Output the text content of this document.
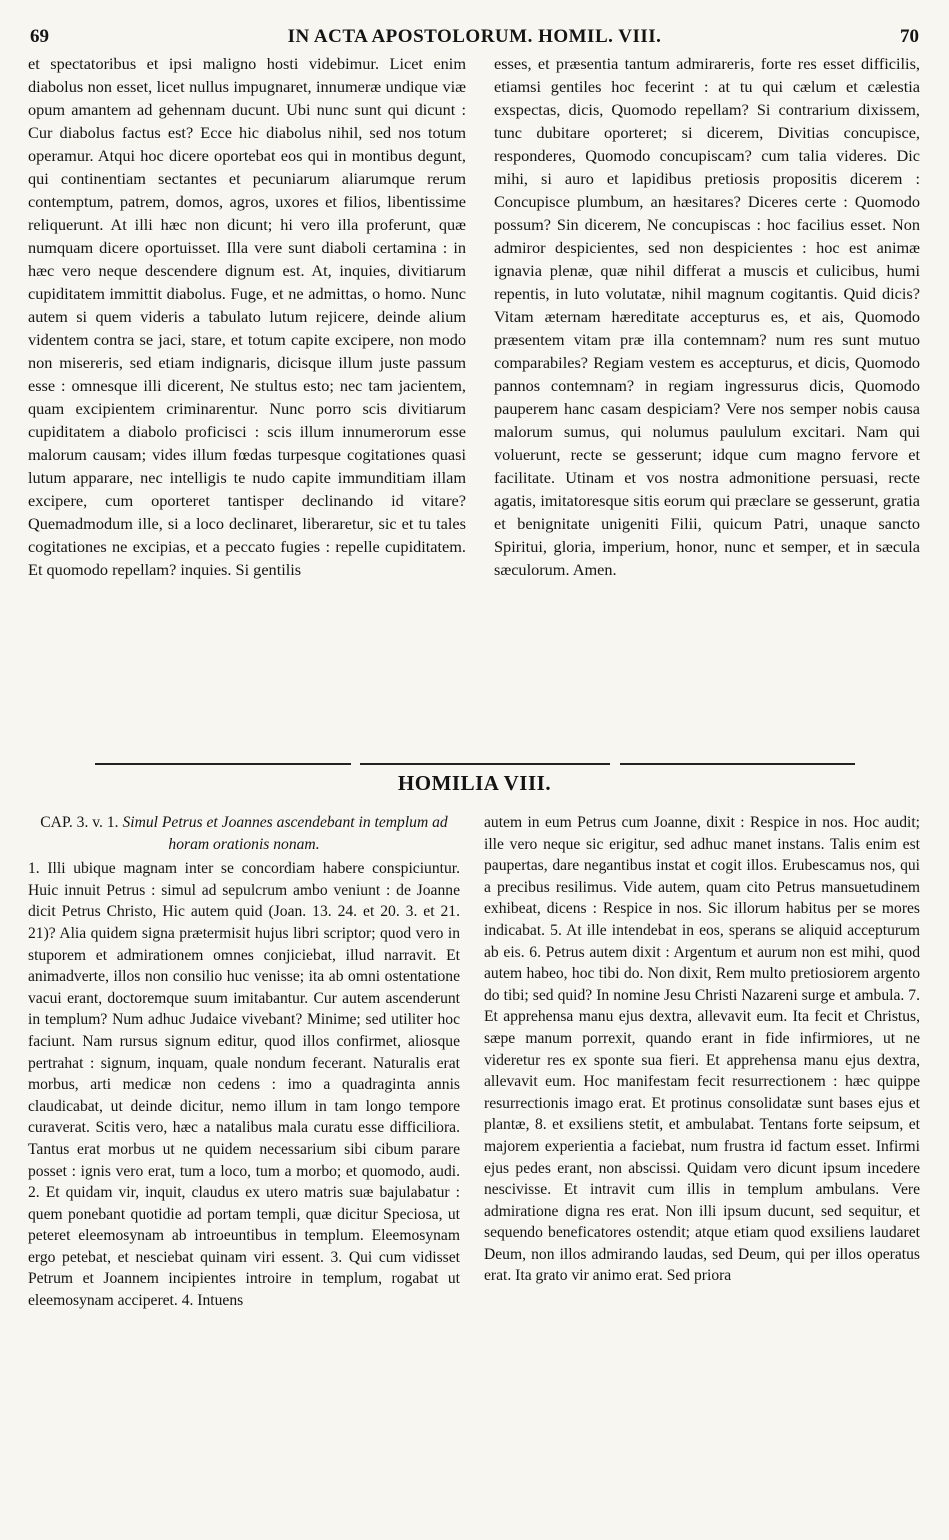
69	IN ACTA APOSTOLORUM. HOMIL. VIII.	70

et spectatoribus et ipsi maligno hosti videbimur. Licet enim diabolus non esset, licet nullus impugnaret, innumeræ undique viæ opum amantem ad gehennam ducunt. Ubi nunc sunt qui dicunt : Cur diabolus factus est? Ecce hic diabolus nihil, sed nos totum operamur. Atqui hoc dicere oportebat eos qui in montibus degunt, qui continentiam sectantes et pecuniarum aliarumque rerum contemptum, patrem, domos, agros, uxores et filios, libentissime reliquerunt. At illi hæc non dicunt; hi vero illa proferunt, quæ numquam dicere oportuisset. Illa vere sunt diaboli certamina : in hæc vero neque descendere dignum est. At, inquies, divitiarum cupiditatem immittit diabolus. Fuge, et ne admittas, o homo. Nunc autem si quem videris a tabulato lutum rejicere, deinde alium videntem contra se jaci, stare, et totum capite excipere, non modo non misereris, sed etiam indignaris, dicisque illum juste passum esse : omnesque illi dicerent, Ne stultus esto; nec tam jacientem, quam excipientem criminarentur. Nunc porro scis divitiarum cupiditatem a diabolo proficisci : scis illum innumerorum esse malorum causam; vides illum fœdas turpesque cogitationes quasi lutum apparare, nec intelligis te nudo capite immunditiam illam excipere, cum oporteret tantisper declinando id vitare? Quemadmodum ille, si a loco declinaret, liberaretur, sic et tu tales cogitationes ne excipias, et a peccato fugies : repelle cupiditatem. Et quomodo repellam? inquies. Si gentilis

esses, et præsentia tantum admirareris, forte res esset difficilis, etiamsi gentiles hoc fecerint : at tu qui cælum et cælestia exspectas, dicis, Quomodo repellam? Si contrarium dixissem, tunc dubitare oporteret; si dicerem, Divitias concupisce, responderes, Quomodo concupiscam? cum talia videres. Dic mihi, si auro et lapidibus pretiosis propositis dicerem : Concupisce plumbum, an hæsitares? Diceres certe : Quomodo possum? Sin dicerem, Ne concupiscas : hoc facilius esset. Non admiror despicientes, sed non despicientes : hoc est animæ ignavia plenæ, quæ nihil differat a muscis et culicibus, humi repentis, in luto volutatæ, nihil magnum cogitantis. Quid dicis? Vitam æternam hæreditate accepturus es, et ais, Quomodo præsentem vitam præ illa contemnam? num res sunt mutuo comparabiles? Regiam vestem es accepturus, et dicis, Quomodo pannos contemnam? in regiam ingressurus dicis, Quomodo pauperem hanc casam despiciam? Vere nos semper nobis causa malorum sumus, qui nolumus paululum excitari. Nam qui voluerunt, recte se gesserunt; idque cum magno fervore et facilitate. Utinam et vos nostra admonitione persuasi, recte agatis, imitatoresque sitis eorum qui præclare se gesserunt, gratia et benignitate unigeniti Filii, quicum Patri, unaque sancto Spiritui, gloria, imperium, honor, nunc et semper, et in sæcula sæculorum. Amen.

HOMILIA VIII.

CAP. 3. v. 1. Simul Petrus et Joannes ascendebant in templum ad horam orationis nonam.

1. Illi ubique magnam inter se concordiam habere conspiciuntur. Huic innuit Petrus : simul ad sepulcrum ambo veniunt : de Joanne dicit Petrus Christo, Hic autem quid (Joan. 13. 24. et 20. 3. et 21. 21)? Alia quidem signa prætermisit hujus libri scriptor; quod vero in stuporem et admirationem omnes conjiciebat, illud narravit. Et animadverte, illos non consilio huc venisse; ita ab omni ostentatione vacui erant, doctoremque suum imitabantur. Cur autem ascenderunt in templum? Num adhuc Judaice vivebant? Minime; sed utiliter hoc faciunt. Nam rursus signum editur, quod illos confirmet, aliosque pertrahat : signum, inquam, quale nondum fecerant. Naturalis erat morbus, arti medicæ non cedens : imo a quadraginta annis claudicabat, ut deinde dicitur, nemo illum in tam longo tempore curaverat. Scitis vero, hæc a natalibus mala curatu esse difficiliora. Tantus erat morbus ut ne quidem necessarium sibi cibum parare posset : ignis vero erat, tum a loco, tum a morbo; et quomodo, audi. 2. Et quidam vir, inquit, claudus ex utero matris suæ bajulabatur : quem ponebant quotidie ad portam templi, quæ dicitur Speciosa, ut peteret eleemosynam ab introeuntibus in templum. Eleemosynam ergo petebat, et nesciebat quinam viri essent. 3. Qui cum vidisset Petrum et Joannem incipientes introire in templum, rogabat ut eleemosynam acciperet. 4. Intuens

autem in eum Petrus cum Joanne, dixit : Respice in nos. Hoc audit; ille vero neque sic erigitur, sed adhuc manet instans. Talis enim est paupertas, dare negantibus instat et cogit illos. Erubescamus nos, qui a precibus resilimus. Vide autem, quam cito Petrus mansuetudinem exhibeat, dicens : Respice in nos. Sic illorum habitus per se mores indicabat. 5. At ille intendebat in eos, sperans se aliquid accepturum ab eis. 6. Petrus autem dixit : Argentum et aurum non est mihi, quod autem habeo, hoc tibi do. Non dixit, Rem multo pretiosiorem argento do tibi; sed quid? In nomine Jesu Christi Nazareni surge et ambula. 7. Et apprehensa manu ejus dextra, allevavit eum. Ita fecit et Christus, sæpe manum porrexit, quando erant in fide infirmiores, ut ne videretur res ex sponte sua fieri. Et apprehensa manu ejus dextra, allevavit eum. Hoc manifestam fecit resurrectionem : hæc quippe resurrectionis imago erat. Et protinus consolidatæ sunt bases ejus et plantæ, 8. et exsiliens stetit, et ambulabat. Tentans forte seipsum, et majorem experientia a faciebat, num frustra id factum esset. Infirmi ejus pedes erant, non abscissi. Quidam vero dicunt ipsum incedere nescivisse. Et intravit cum illis in templum ambulans. Vere admiratione digna res erat. Non illi ipsum ducunt, sed sequitur, et sequendo beneficatores ostendit; atque etiam quod exsiliens laudaret Deum, non illos admirando laudas, sed Deum, qui per illos operatus erat. Ita grato vir animo erat. Sed priora
